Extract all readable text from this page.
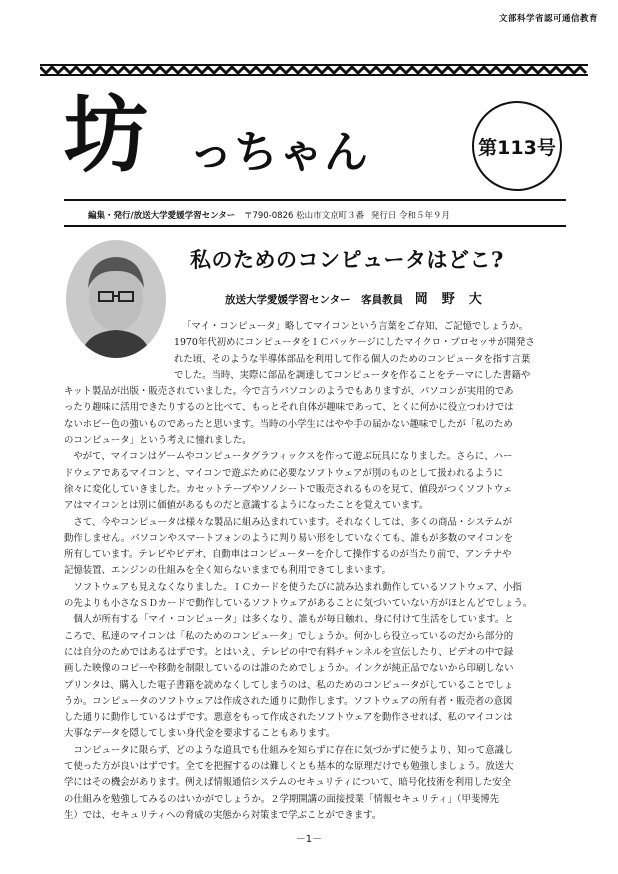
文部科学省認可通信教育
坊 っちゃん	第113号
編集・発行/放送大学愛媛学習センター 〒790-0826 松山市文京町３番 発行日 令和５年９月
私のためのコンピュータはどこ?
放送大学愛媛学習センター　客員教員 岡野大
「マイ・コンピュータ」略してマイコンという言葉をご存知、ご記憶でしょうか。
1970年代初めにコンピュータをＩＣパッケージにしたマイクロ・プロセッサが開発さ
れた頃、そのような半導体部品を利用して作る個人のためのコンピュータを指す言葉
でした。当時、実際に部品を調達してコンピュータを作ることをテーマにした書籍や
キット製品が出版・販売されていました。今で言うパソコンのようでもありますが、パソコンが実用的であ
ったり趣味に活用できたりするのと比べて、もっとそれ自体が趣味であって、とくに何かに役立つわけでは
ないホビー色の強いものであったと思います。当時の小学生にはやや手の届かない趣味でしたが「私のため
のコンピュータ」という考えに憧れました。
　やがて、マイコンはゲームやコンピュータグラフィックスを作って遊ぶ玩具になりました。さらに、ハー
ドウェアであるマイコンと、マイコンで遊ぶために必要なソフトウェアが別のものとして扱われるように
徐々に変化していきました。カセットテープやソノシートで販売されるものを見て、値段がつくソフトウェ
アはマイコンとは別に価値があるものだと意識するようになったことを覚えています。
　さて、今やコンピュータは様々な製品に組み込まれています。それなくしては、多くの商品・システムが
動作しません。パソコンやスマートフォンのように判り易い形をしていなくても、誰もが多数のマイコンを
所有しています。テレビやビデオ、自動車はコンピューターを介して操作するのが当たり前で、アンテナや
記憶装置、エンジンの仕組みを全く知らないままでも利用できてしまいます。
　ソフトウェアも見えなくなりました。ＩＣカードを使うたびに読み込まれ動作しているソフトウェア、小指
の先よりも小さなＳＤカードで動作しているソフトウェアがあることに気づいていない方がほとんどでしょう。
　個人が所有する「マイ・コンピュータ」は多くなり、誰もが毎日触れ、身に付けて生活をしています。と
ころで、私達のマイコンは「私のためのコンピュータ」でしょうか。何かしら役立っているのだから部分的
には自分のためではあるはずです。とはいえ、テレビの中で有料チャンネルを宣伝したり、ビデオの中で録
画した映像のコピーや移動を制限しているのは誰のためでしょうか。インクが純正品でないから印刷しない
プリンタは、購入した電子書籍を読めなくしてしまうのは、私のためのコンピュータがしていることでしょ
うか。コンピュータのソフトウェアは作成された通りに動作します。ソフトウェアの所有者・販売者の意図
した通りに動作しているはずです。悪意をもって作成されたソフトウェアを動作させれば、私のマイコンは
大事なデータを隠してしまい身代金を要求することもあります。
　コンピュータに限らず、どのような道具でも仕組みを知らずに存在に気づかずに使うより、知って意識し
て使った方が良いはずです。全てを把握するのは難しくとも基本的な原理だけでも勉強しましょう。放送大
学にはその機会があります。例えば情報通信システムのセキュリティについて、暗号化技術を利用した安全
の仕組みを勉強してみるのはいかがでしょうか。２学期開講の面接授業「情報セキュリティ」（甲斐博先
生）では、セキュリティへの脅威の実態から対策まで学ぶことができます。
－1－
